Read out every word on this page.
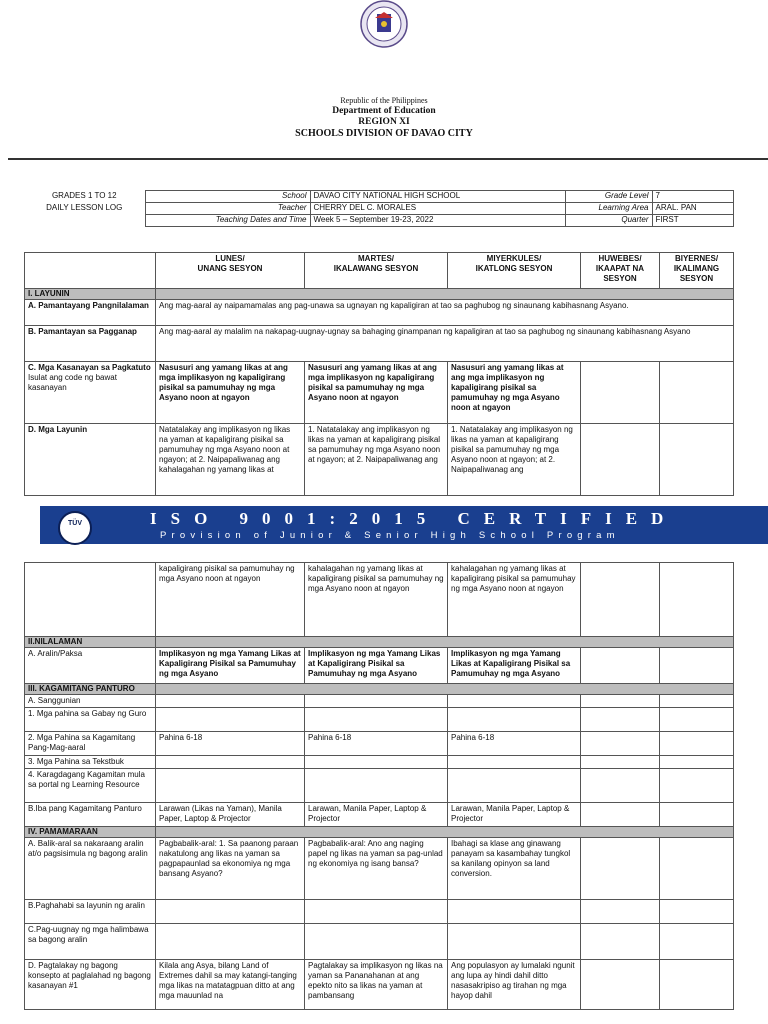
Republic of the Philippines
Department of Education
REGION XI
SCHOOLS DIVISION OF DAVAO CITY
GRADES 1 TO 12	School	DAVAO CITY NATIONAL HIGH SCHOOL	Grade Level	7
DAILY LESSON LOG	Teacher	CHERRY DEL C. MORALES	Learning Area	ARAL. PAN
	Teaching Dates and Time	Week 5 – September 19-23, 2022	Quarter	FIRST
	LUNES/
UNANG SESYON	MARTES/
IKALAWANG SESYON	MIYERKULES/
IKATLONG SESYON	HUWEBES/
IKAAPAT NA
SESYON	BIYERNES/
IKALIMANG
SESYON
I. LAYUNIN					
A. Pamantayang Pangnilalaman	Ang mag-aaral ay naipamamalas ang pag-unawa sa ugnayan ng kapaligiran at tao sa paghubog ng sinaunang kabihasnang Asyano.				
B. Pamantayan sa Pagganap	Ang mag-aaral ay malalim na nakapag-uugnay-ugnay sa bahaging ginampanan ng kapaligiran at tao sa paghubog ng sinaunang kabihasnang Asyano				
C. Mga Kasanayan sa Pagkatuto
Isulat ang code ng bawat kasanayan	Nasusuri ang yamang likas at ang mga implikasyon ng kapaligirang pisikal sa pamumuhay ng mga Asyano noon at ngayon	Nasusuri ang yamang likas at ang mga implikasyon ng kapaligirang pisikal sa pamumuhay ng mga Asyano noon at ngayon	Nasusuri ang yamang likas at ang mga implikasyon ng kapaligirang pisikal sa pamumuhay ng mga Asyano noon at ngayon		
D. Mga Layunin	Natatalakay ang implikasyon ng likas na yaman at kapaligirang pisikal sa pamumuhay ng mga Asyano noon at ngayon; at 2. Naipapaliwanag ang kahalagahan ng yamang likas at	1. Natatalakay ang implikasyon ng likas na yaman at kapaligirang pisikal sa pamumuhay ng mga Asyano noon at ngayon; at 2. Naipapaliwanag ang	1. Natatalakay ang implikasyon ng likas na yaman at kapaligirang pisikal sa pamumuhay ng mga Asyano noon at ngayon; at 2. Naipapaliwanag ang		
TÜV	ISO 9001:2015 CERTIFIED
Provision of Junior & Senior High School Program
	kapaligirang pisikal sa pamumuhay ng mga Asyano noon at ngayon	kahalagahan ng yamang likas at kapaligirang pisikal sa pamumuhay ng mga Asyano noon at ngayon	kahalagahan ng yamang likas at kapaligirang pisikal sa pamumuhay ng mga Asyano noon at ngayon		
II.NILALAMAN					
A. Aralin/Paksa	Implikasyon ng mga Yamang Likas at Kapaligirang Pisikal sa Pamumuhay ng mga Asyano	Implikasyon ng mga Yamang Likas at Kapaligirang Pisikal sa Pamumuhay ng mga Asyano	Implikasyon ng mga Yamang Likas at Kapaligirang Pisikal sa Pamumuhay ng mga Asyano		
III. KAGAMITANG PANTURO					
A. Sanggunian					
1. Mga pahina sa Gabay ng Guro					
2. Mga Pahina sa Kagamitang Pang-Mag-aaral	Pahina 6-18	Pahina 6-18	Pahina 6-18		
3. Mga Pahina sa Tekstbuk					
4. Karagdagang Kagamitan mula sa portal ng Learning Resource					
B.Iba pang Kagamitang Panturo	Larawan (Likas na Yaman), Manila Paper, Laptop & Projector	Larawan, Manila Paper, Laptop & Projector	Larawan, Manila Paper, Laptop & Projector		
IV. PAMAMARAAN					
A. Balik-aral sa nakaraang aralin at/o pagsisimula ng bagong aralin	Pagbabalik-aral: 1. Sa paanong paraan nakatulong ang likas na yaman sa pagpapaunlad sa ekonomiya ng mga bansang Asyano?	Pagbabalik-aral: Ano ang naging papel ng likas na yaman sa pag-unlad ng ekonomiya ng isang bansa?	Ibahagi sa klase ang ginawang panayam sa kasambahay tungkol sa kanilang opinyon sa land conversion.		
B.Paghahabi sa layunin ng aralin					
C.Pag-uugnay ng mga halimbawa sa bagong aralin					
D. Pagtalakay ng bagong konsepto at paglalahad ng bagong kasanayan #1	Kilala ang Asya, bilang Land of Extremes dahil sa may katangi-tanging mga likas na matatagpuan ditto at ang mga mauunlad na	Pagtalakay sa implikasyon ng likas na yaman sa Pananahanan at ang epekto nito sa likas na yaman at pambansang	Ang populasyon ay lumalaki ngunit ang lupa ay hindi dahil ditto nasasakripiso ag tirahan ng mga hayop dahil		
